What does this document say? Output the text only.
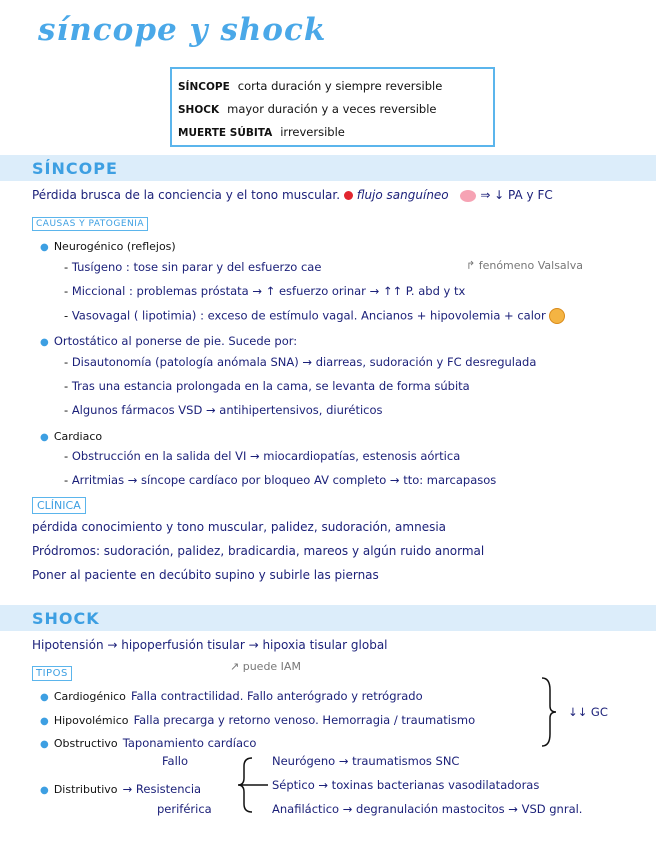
síncope y shock
SÍNCOPE corta duración y siempre reversible
SHOCK mayor duración y a veces reversible
MUERTE SÚBITA irreversible
SÍNCOPE
Pérdida brusca de la conciencia y el tono muscular. flujo sanguíneo	⇒ ↓ PA y FC
CAUSAS Y PATOGENIA
● Neurogénico (reflejos)
- Tusígeno : tose sin parar y del esfuerzo cae	↱ fenómeno Valsalva
- Miccional : problemas próstata → ↑ esfuerzo orinar → ↑↑ P. abd y tx
- Vasovagal ( lipotimia) : exceso de estímulo vagal. Ancianos + hipovolemia + calor
● Ortostático al ponerse de pie. Sucede por:
- Disautonomía (patología anómala SNA) → diarreas, sudoración y FC desregulada
- Tras una estancia prolongada en la cama, se levanta de forma súbita
- Algunos fármacos VSD → antihipertensivos, diuréticos
● Cardiaco
- Obstrucción en la salida del VI → miocardiopatías, estenosis aórtica
- Arritmias → síncope cardíaco por bloqueo AV completo → tto: marcapasos
CLÍNICA
pérdida conocimiento y tono muscular, palidez, sudoración, amnesia
Pródromos: sudoración, palidez, bradicardia, mareos y algún ruido anormal
Poner al paciente en decúbito supino y subirle las piernas
SHOCK
Hipotensión → hipoperfusión tisular → hipoxia tisular global
TIPOS
↗ puede IAM
● Cardiogénico Falla contractilidad. Fallo anterógrado y retrógrado
● Hipovolémico Falla precarga y retorno venoso. Hemorragia / traumatismo
● Obstructivo Taponamiento cardíaco
↓↓ GC
Fallo
● Distributivo → Resistencia
periférica
Neurógeno → traumatismos SNC
Séptico → toxinas bacterianas vasodilatadoras
Anafiláctico → degranulación mastocitos → VSD gnral.
